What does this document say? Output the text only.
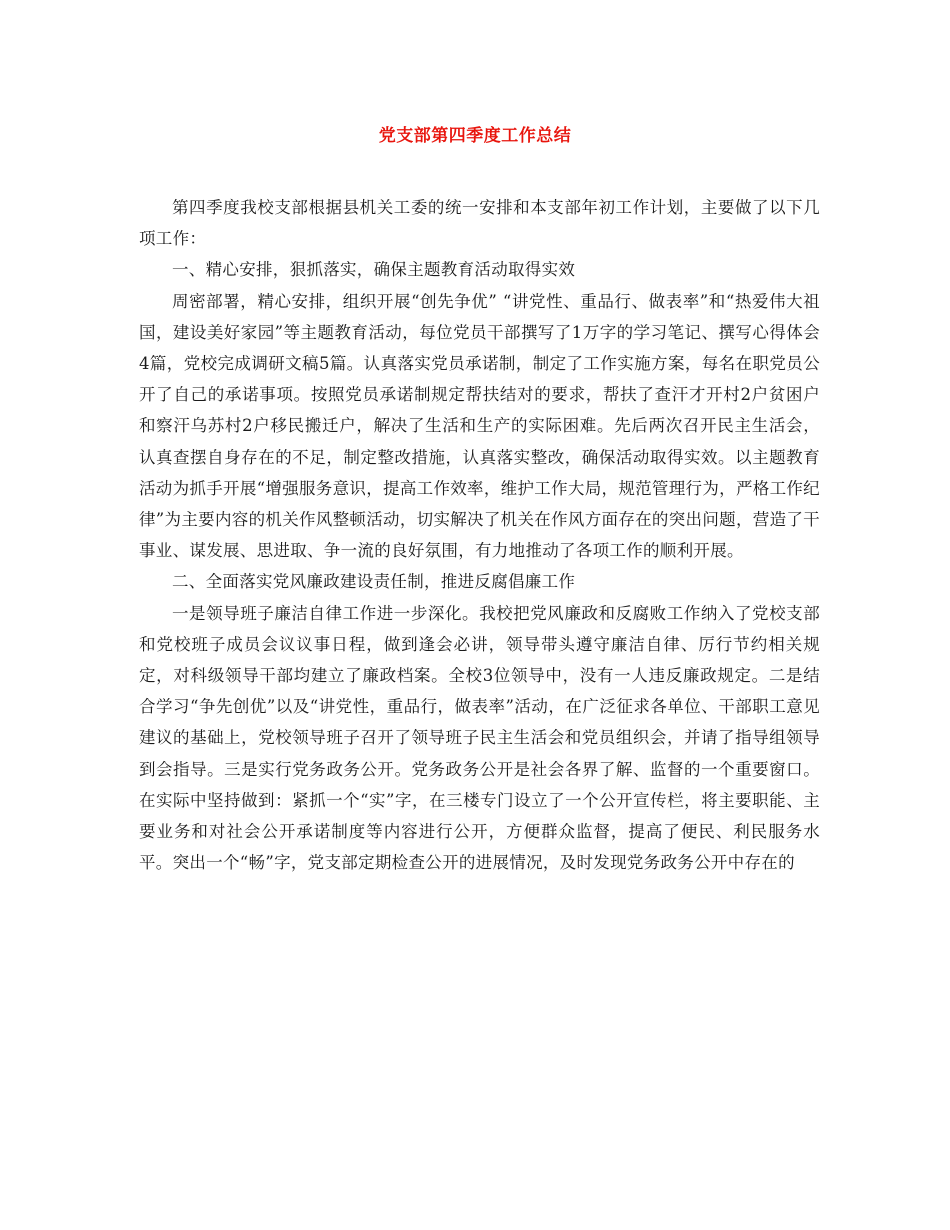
党支部第四季度工作总结

第四季度我校支部根据县机关工委的统一安排和本支部年初工作计划，主要做了以下几项工作：

一、精心安排，狠抓落实，确保主题教育活动取得实效

周密部署，精心安排，组织开展“创先争优” “讲党性、重品行、做表率”和“热爱伟大祖国，建设美好家园”等主题教育活动，每位党员干部撰写了1万字的学习笔记、撰写心得体会4篇，党校完成调研文稿5篇。认真落实党员承诺制，制定了工作实施方案，每名在职党员公开了自己的承诺事项。按照党员承诺制规定帮扶结对的要求，帮扶了查汗才开村2户贫困户和察汗乌苏村2户移民搬迁户，解决了生活和生产的实际困难。先后两次召开民主生活会，认真查摆自身存在的不足，制定整改措施，认真落实整改，确保活动取得实效。以主题教育活动为抓手开展“增强服务意识，提高工作效率，维护工作大局，规范管理行为，严格工作纪律”为主要内容的机关作风整顿活动，切实解决了机关在作风方面存在的突出问题，营造了干事业、谋发展、思进取、争一流的良好氛围，有力地推动了各项工作的顺利开展。

二、全面落实党风廉政建设责任制，推进反腐倡廉工作

一是领导班子廉洁自律工作进一步深化。我校把党风廉政和反腐败工作纳入了党校支部和党校班子成员会议议事日程，做到逢会必讲，领导带头遵守廉洁自律、厉行节约相关规定，对科级领导干部均建立了廉政档案。全校3位领导中，没有一人违反廉政规定。二是结合学习“争先创优”以及“讲党性，重品行，做表率”活动，在广泛征求各单位、干部职工意见建议的基础上，党校领导班子召开了领导班子民主生活会和党员组织会，并请了指导组领导到会指导。三是实行党务政务公开。党务政务公开是社会各界了解、监督的一个重要窗口。在实际中坚持做到：紧抓一个“实”字，在三楼专门设立了一个公开宣传栏，将主要职能、主要业务和对社会公开承诺制度等内容进行公开，方便群众监督，提高了便民、利民服务水平。突出一个“畅”字，党支部定期检查公开的进展情况，及时发现党务政务公开中存在的
